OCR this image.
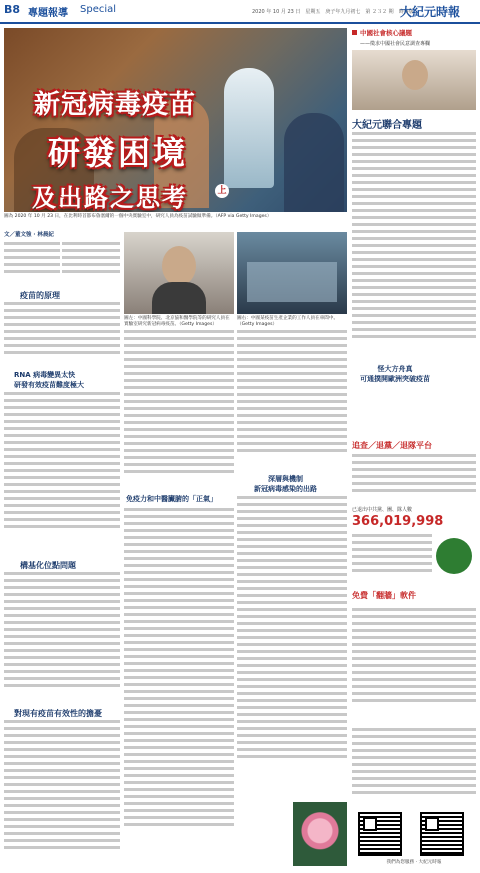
B8 專題報導 Special	2020 年 10 月 23 日　星期五　庚子年九月初七　第 ２３２ 期　時事版
大紀元時報
新冠病毒疫苗
研發困境
及出路之思考	上
圖為 2020 年 10 月 23 日，在比利時首都布魯塞爾的一個中央實驗室中，研究人員為疫苗試驗做準備。（AFP via Getty Images）
文／董文強 · 林晨紀
圖左：中國科學院、北京協和醫學院等的研究人員在實驗室研究新冠病毒疫苗。（Getty Images）
圖右：中國某疫苗生產企業的工作人員在車間中。（Getty Images）
疫苗的原理
RNA 病毒變異太快
研發有效疫苗難度極大
構基化位點問題
對現有疫苗有效性的擔憂
免疫力和中醫臟腑的「正氣」
深層與機制
新冠病毒感染的出路
怪大方舟真
可通撲開歐洲突破疫苗
中國社會核心議題
——徵求中國社會民意調查專欄
大紀元聯合專題
追查／退黨／退隊平台
已退出中共黨、團、隊人數
366,019,998
免費「翻牆」軟件
我們為您服務 · 大紀元時報
